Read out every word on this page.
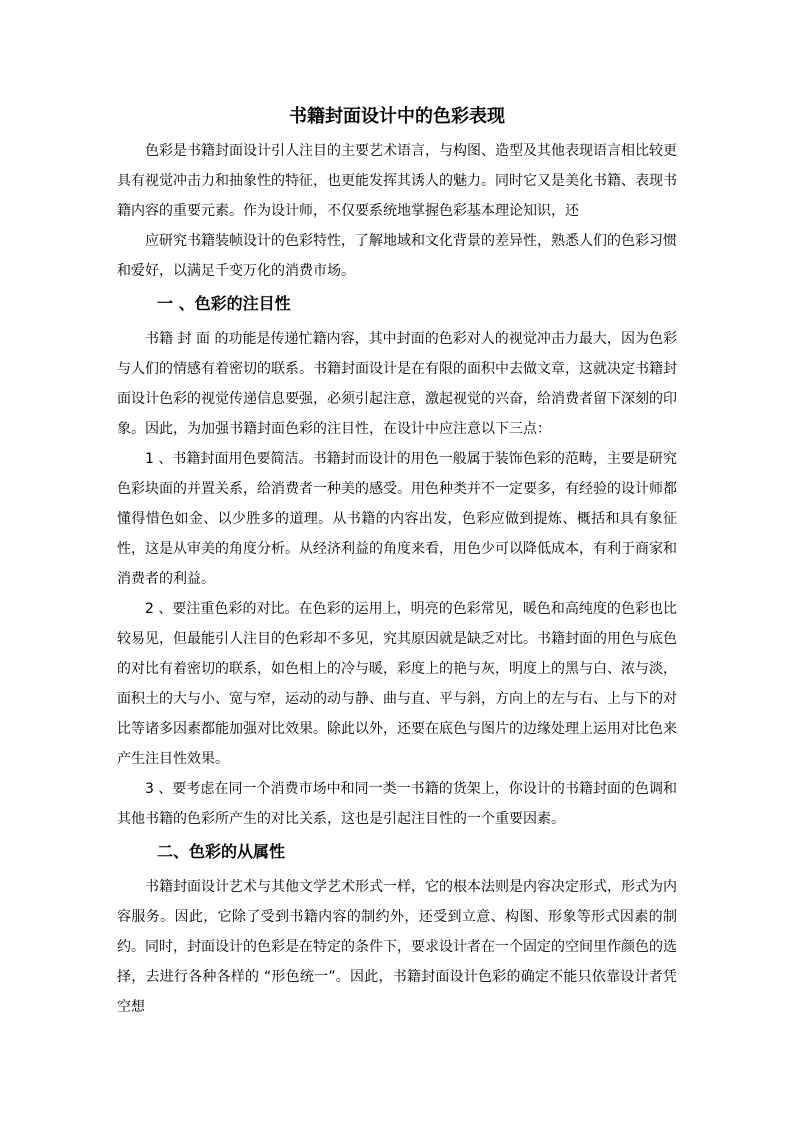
书籍封面设计中的色彩表现

色彩是书籍封面设计引人注目的主要艺术语言，与构图、造型及其他表现语言相比较更具有视觉冲击力和抽象性的特征，也更能发挥其诱人的魅力。同时它又是美化书籍、表现书籍内容的重要元素。作为设计师，不仅要系统地掌握色彩基本理论知识，还

应研究书籍装帧设计的色彩特性，了解地域和文化背景的差异性，熟悉人们的色彩习惯和爱好，以满足千变万化的消费市场。

一 、色彩的注目性

书籍 封 面 的功能是传递忙籍内容，其中封面的色彩对人的视觉冲击力最大，因为色彩与人们的情感有着密切的联系。书籍封面设计是在有限的面积中去做文章，这就决定书籍封面设计色彩的视觉传递信息要强，必须引起注意，激起视觉的兴奋，给消费者留下深刻的印象。因此，为加强书籍封面色彩的注目性，在设计中应注意以下三点：

1 、书籍封面用色要简洁。书籍封而设计的用色一般属于装饰色彩的范畴，主要是研究色彩块面的并置关系，给消费者一种美的感受。用色种类并不一定要多，有经验的设计师都懂得惜色如金、以少胜多的道理。从书籍的内容出发，色彩应做到提炼、概括和具有象征性，这是从审美的角度分析。从经济利益的角度来看，用色少可以降低成本，有利于商家和消费者的利益。

2 、要注重色彩的对比。在色彩的运用上，明亮的色彩常见，暖色和高纯度的色彩也比较易见，但最能引人注目的色彩却不多见，究其原因就是缺乏对比。书籍封面的用色与底色的对比有着密切的联系，如色相上的冷与暖，彩度上的艳与灰，明度上的黑与白、浓与淡，面积土的大与小、宽与窄，运动的动与静、曲与直、平与斜，方向上的左与右、上与下的对比等诸多因素都能加强对比效果。除此以外，还要在底色与图片的边缘处理上运用对比色来产生注目性效果。

3 、要考虑在同一个消费市场中和同一类一书籍的货架上，你设计的书籍封面的色调和其他书籍的色彩所产生的对比关系，这也是引起注目性的一个重要因素。

二、色彩的从属性

书籍封面设计艺术与其他文学艺术形式一样，它的根本法则是内容决定形式，形式为内容服务。因此，它除了受到书籍内容的制约外，还受到立意、构图、形象等形式因素的制约。同时，封面设计的色彩是在特定的条件下，要求设计者在一个固定的空间里作颜色的选择，去进行各种各样的 “形色统一”。因此，书籍封面设计色彩的确定不能只依靠设计者凭空想
